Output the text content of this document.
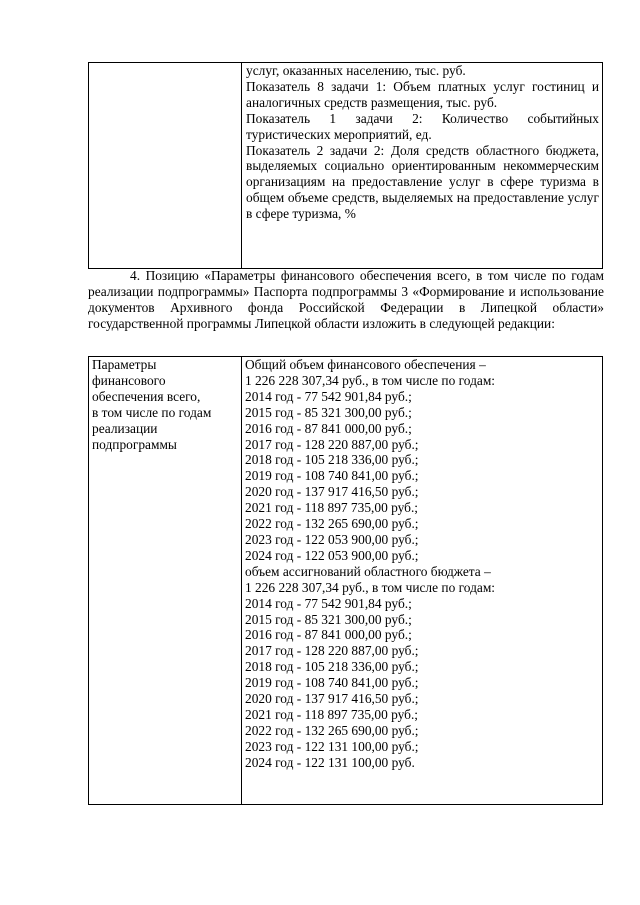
услуг, оказанных населению, тыс. руб.

Показатель 8 задачи 1: Объем платных услуг гостиниц и аналогичных средств размещения, тыс. руб.

Показатель 1 задачи 2: Количество событийных туристических мероприятий, ед.

Показатель 2 задачи 2: Доля средств областного бюджета, выделяемых социально ориентированным некоммерческим организациям на предоставление услуг в сфере туризма в общем объеме средств, выделяемых на предоставление услуг в сфере туризма, %

4. Позицию «Параметры финансового обеспечения всего, в том числе по годам реализации подпрограммы» Паспорта подпрограммы 3 «Формирование и использование документов Архивного фонда Российской Федерации в Липецкой области» государственной программы Липецкой области изложить в следующей редакции:

Параметры
финансового
обеспечения всего,
в том числе по годам
реализации
подпрограммы
Общий объем финансового обеспечения –
1 226 228 307,34 руб., в том числе по годам:
2014 год - 77 542 901,84 руб.;
2015 год - 85 321 300,00 руб.;
2016 год - 87 841 000,00 руб.;
2017 год - 128 220 887,00 руб.;
2018 год - 105 218 336,00 руб.;
2019 год - 108 740 841,00 руб.;
2020 год - 137 917 416,50 руб.;
2021 год - 118 897 735,00 руб.;
2022 год - 132 265 690,00 руб.;
2023 год - 122 053 900,00 руб.;
2024 год - 122 053 900,00 руб.;
объем ассигнований областного бюджета –
1 226 228 307,34 руб., в том числе по годам:
2014 год - 77 542 901,84 руб.;
2015 год - 85 321 300,00 руб.;
2016 год - 87 841 000,00 руб.;
2017 год - 128 220 887,00 руб.;
2018 год - 105 218 336,00 руб.;
2019 год - 108 740 841,00 руб.;
2020 год - 137 917 416,50 руб.;
2021 год - 118 897 735,00 руб.;
2022 год - 132 265 690,00 руб.;
2023 год - 122 131 100,00 руб.;
2024 год - 122 131 100,00 руб.
